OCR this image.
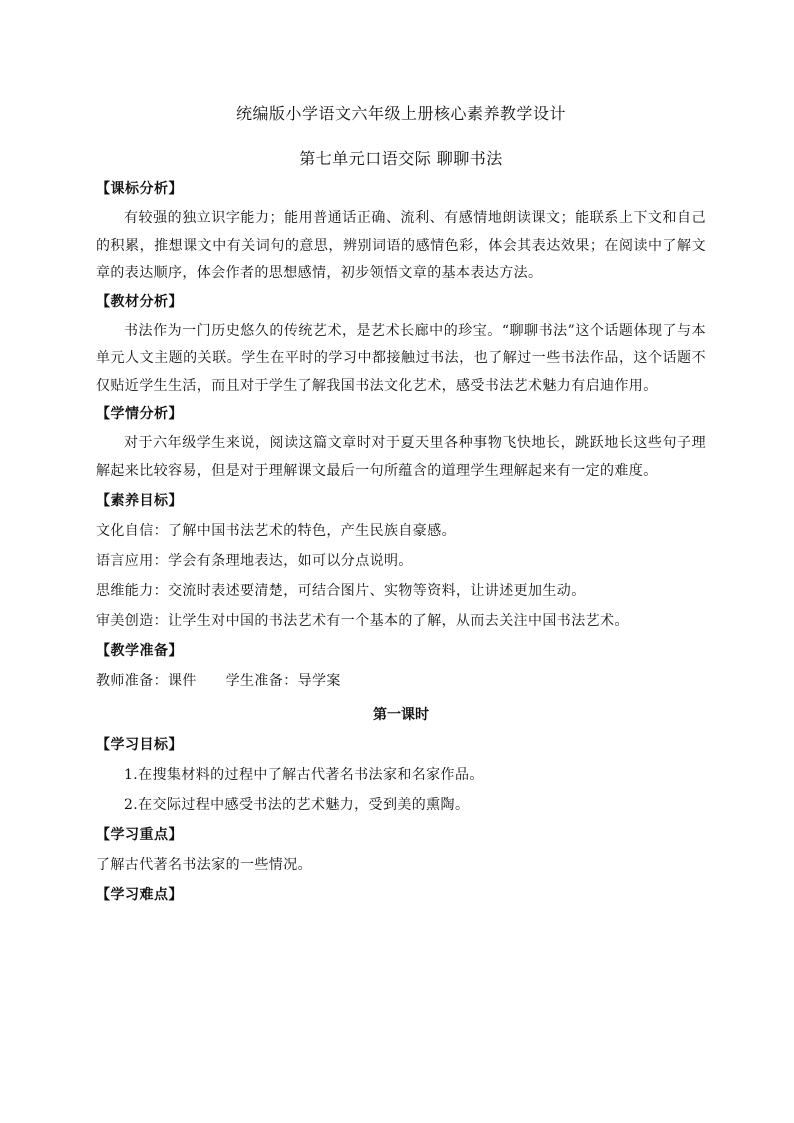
统编版小学语文六年级上册核心素养教学设计
第七单元口语交际 聊聊书法
【课标分析】

有较强的独立识字能力；能用普通话正确、流利、有感情地朗读课文；能联系上下文和自己的积累，推想课文中有关词句的意思，辨别词语的感情色彩，体会其表达效果；在阅读中了解文章的表达顺序，体会作者的思想感情，初步领悟文章的基本表达方法。

【教材分析】

书法作为一门历史悠久的传统艺术，是艺术长廊中的珍宝。“聊聊书法”这个话题体现了与本单元人文主题的关联。学生在平时的学习中都接触过书法，也了解过一些书法作品，这个话题不仅贴近学生生活，而且对于学生了解我国书法文化艺术，感受书法艺术魅力有启迪作用。

【学情分析】

对于六年级学生来说，阅读这篇文章时对于夏天里各种事物飞快地长，跳跃地长这些句子理解起来比较容易，但是对于理解课文最后一句所蕴含的道理学生理解起来有一定的难度。

【素养目标】
文化自信：了解中国书法艺术的特色，产生民族自豪感。
语言应用：学会有条理地表达，如可以分点说明。
思维能力：交流时表述要清楚，可结合图片、实物等资料，让讲述更加生动。
审美创造：让学生对中国的书法艺术有一个基本的了解，从而去关注中国书法艺术。
【教学准备】
教师准备：课件　　学生准备：导学案
第一课时
【学习目标】
1.在搜集材料的过程中了解古代著名书法家和名家作品。
2.在交际过程中感受书法的艺术魅力，受到美的熏陶。
【学习重点】
了解古代著名书法家的一些情况。
【学习难点】
